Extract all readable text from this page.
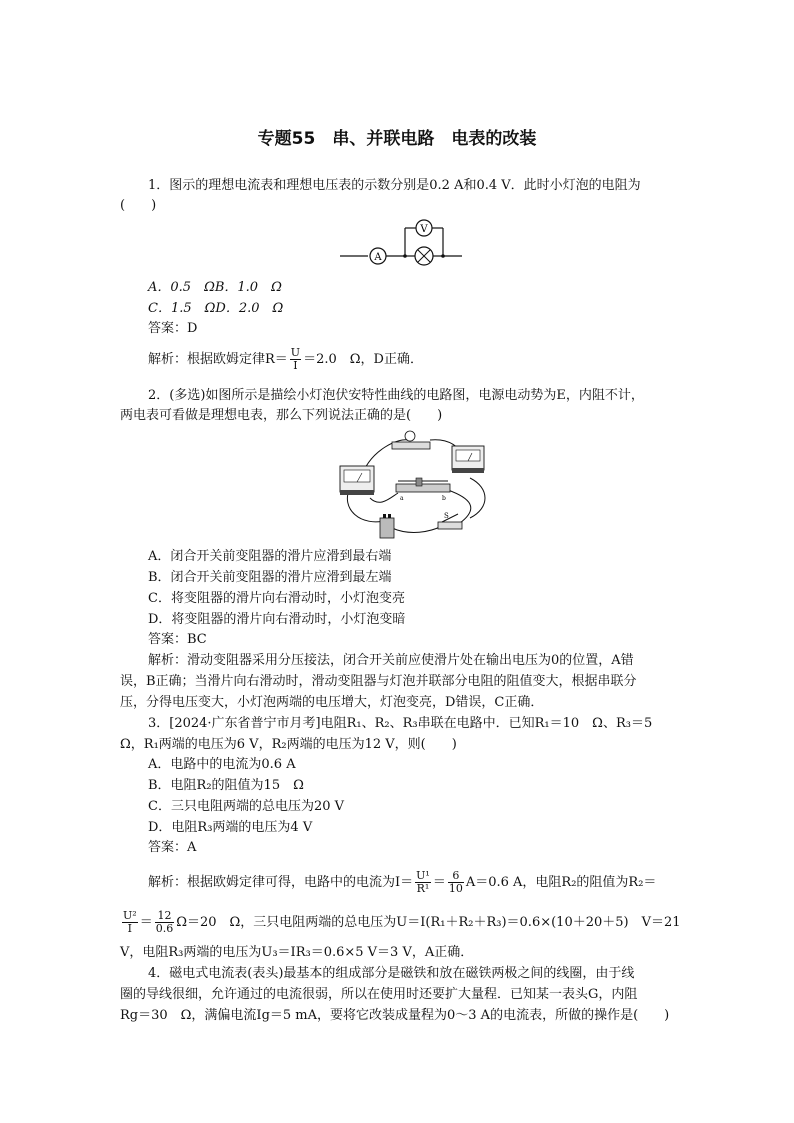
专题55　串、并联电路　电表的改装
1．图示的理想电流表和理想电压表的示数分别是0.2 A和0.4 V．此时小灯泡的电阻为
(　　)
A
V
A．0.5　ΩB．1.0　Ω
C．1.5　ΩD．2.0　Ω
答案：D
解析：根据欧姆定律$R= \frac{U}{I} =2.0$　Ω，D正确．
2．(多选)如图所示是描绘小灯泡伏安特性曲线的电路图，电源电动势为E，内阻不计，
两电表可看做是理想电表，那么下列说法正确的是(　　)
a	b
S
A．闭合开关前变阻器的滑片应滑到最右端
B．闭合开关前变阻器的滑片应滑到最左端
C．将变阻器的滑片向右滑动时，小灯泡变亮
D．将变阻器的滑片向右滑动时，小灯泡变暗
答案：BC
解析：滑动变阻器采用分压接法，闭合开关前应使滑片处在输出电压为0的位置，A错
误，B正确；当滑片向右滑动时，滑动变阻器与灯泡并联部分电阻的阻值变大，根据串联分
压，分得电压变大，小灯泡两端的电压增大，灯泡变亮，D错误，C正确．
3．[2024·广东省普宁市月考]电阻R₁、R₂、R₃串联在电路中．已知R₁＝10　Ω、R₃＝5
Ω，R₁两端的电压为6 V，R₂两端的电压为12 V，则(　　)
A．电路中的电流为0.6 A
B．电阻R₂的阻值为15　Ω
C．三只电阻两端的总电压为20 V
D．电阻R₃两端的电压为4 V
答案：A
解析：根据欧姆定律可得，电路中的电流为$I= \frac{\text{U¹}}{\text{R¹}} = \frac{6}{10} A=0.6$ A，电阻R₂的阻值为R₂＝
$\frac{\text{U²}}{I} = \frac{12}{0.6} \Omega=20$　Ω，三只电阻两端的总电压为U＝I(R₁＋R₂＋R₃)＝0.6×(10＋20＋5)　V＝21
V，电阻R₃两端的电压为U₃＝IR₃＝0.6×5 V＝3 V，A正确．
4．磁电式电流表(表头)最基本的组成部分是磁铁和放在磁铁两极之间的线圈，由于线
圈的导线很细，允许通过的电流很弱，所以在使用时还要扩大量程．已知某一表头G，内阻
Rg＝30　Ω，满偏电流Ig＝5 mA，要将它改装成量程为0～3 A的电流表，所做的操作是(　　)
